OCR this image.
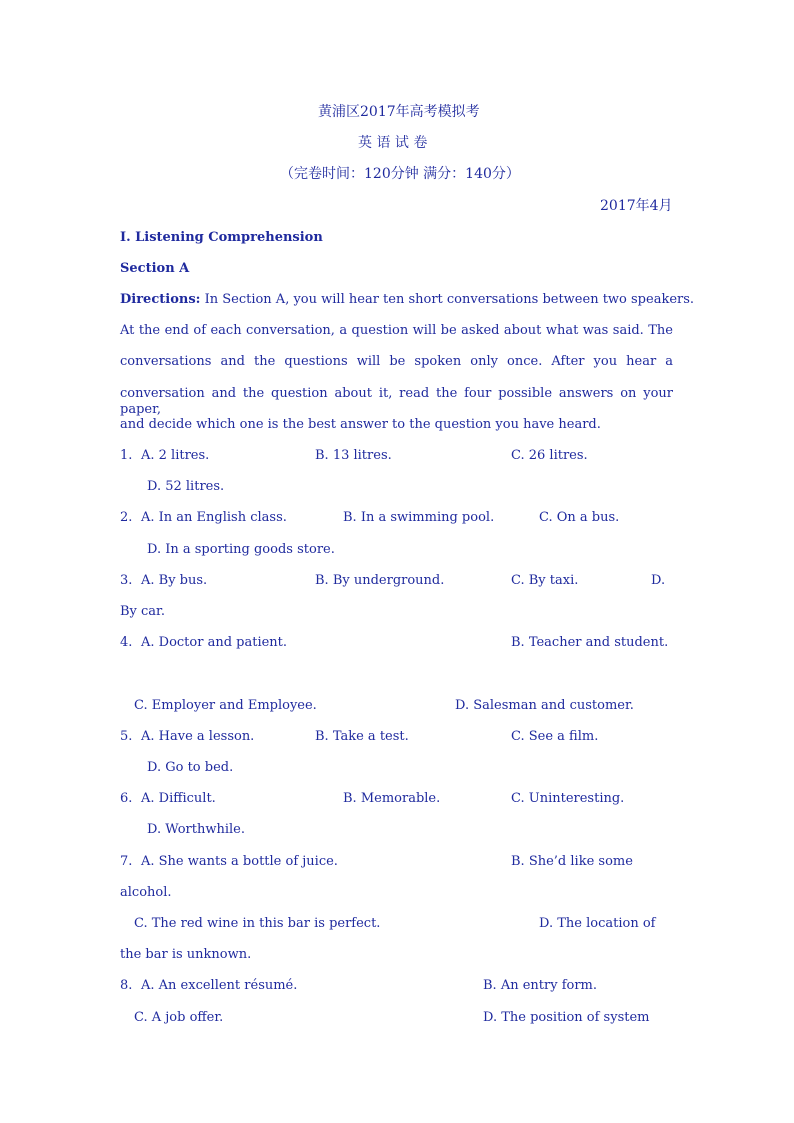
黄浦区2017年高考模拟考
英 语 试 卷
（完卷时间：120分钟 满分：140分）
2017年4月
I. Listening Comprehension
Section A
Directions: In Section A, you will hear ten short conversations between two speakers.
At the end of each conversation, a question will be asked about what was said. The
conversations and the questions will be spoken only once. After you hear a
conversation and the question about it, read the four possible answers on your paper,
and decide which one is the best answer to the question you have heard.
1. A. 2 litres.	B. 13 litres.	C. 26 litres.
D. 52 litres.
2. A. In an English class.	B. In a swimming pool.	C. On a bus.
D. In a sporting goods store.
3. A. By bus.	B. By underground.	C. By taxi.	D.
By car.
4. A. Doctor and patient.	B. Teacher and student.
C. Employer and Employee.	D. Salesman and customer.
5. A. Have a lesson.	B. Take a test.	C. See a film.
D. Go to bed.
6. A. Difficult.	B. Memorable.	C. Uninteresting.
D. Worthwhile.
7. A. She wants a bottle of juice.	B. She’d like some
alcohol.
C. The red wine in this bar is perfect.	D. The location of
the bar is unknown.
8. A. An excellent résumé.	B. An entry form.
C. A job offer.	D. The position of system
